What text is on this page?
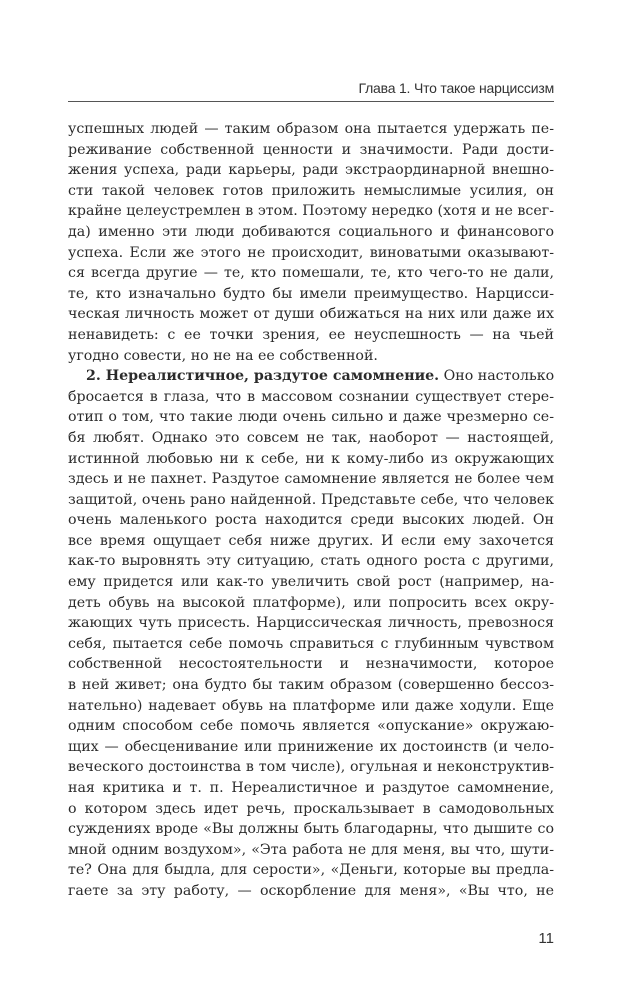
Глава 1. Что такое нарциссизм
успешных людей — таким образом она пытается удержать пе-
реживание собственной ценности и значимости. Ради дости-
жения успеха, ради карьеры, ради экстраординарной внешно-
сти такой человек готов приложить немыслимые усилия, он
крайне целеустремлен в этом. Поэтому нередко (хотя и не всег-
да) именно эти люди добиваются социального и финансового
успеха. Если же этого не происходит, виноватыми оказывают-
ся всегда другие — те, кто помешали, те, кто чего-то не дали,
те, кто изначально будто бы имели преимущество. Нарцисси-
ческая личность может от души обижаться на них или даже их
ненавидеть: с ее точки зрения, ее неуспешность — на чьей
угодно совести, но не на ее собственной.
2. Нереалистичное, раздутое самомнение. Оно настолько
бросается в глаза, что в массовом сознании существует стере-
отип о том, что такие люди очень сильно и даже чрезмерно се-
бя любят. Однако это совсем не так, наоборот — настоящей,
истинной любовью ни к себе, ни к кому-либо из окружающих
здесь и не пахнет. Раздутое самомнение является не более чем
защитой, очень рано найденной. Представьте себе, что человек
очень маленького роста находится среди высоких людей. Он
все время ощущает себя ниже других. И если ему захочется
как-то выровнять эту ситуацию, стать одного роста с другими,
ему придется или как-то увеличить свой рост (например, на-
деть обувь на высокой платформе), или попросить всех окру-
жающих чуть присесть. Нарциссическая личность, превознося
себя, пытается себе помочь справиться с глубинным чувством
собственной несостоятельности и незначимости, которое
в ней живет; она будто бы таким образом (совершенно бессоз-
нательно) надевает обувь на платформе или даже ходули. Еще
одним способом себе помочь является «опускание» окружаю-
щих — обесценивание или принижение их достоинств (и чело-
веческого достоинства в том числе), огульная и неконструктив-
ная критика и т. п. Нереалистичное и раздутое самомнение,
о котором здесь идет речь, проскальзывает в самодовольных
суждениях вроде «Вы должны быть благодарны, что дышите со
мной одним воздухом», «Эта работа не для меня, вы что, шути-
те? Она для быдла, для серости», «Деньги, которые вы предла-
гаете за эту работу, — оскорбление для меня», «Вы что, не
11
